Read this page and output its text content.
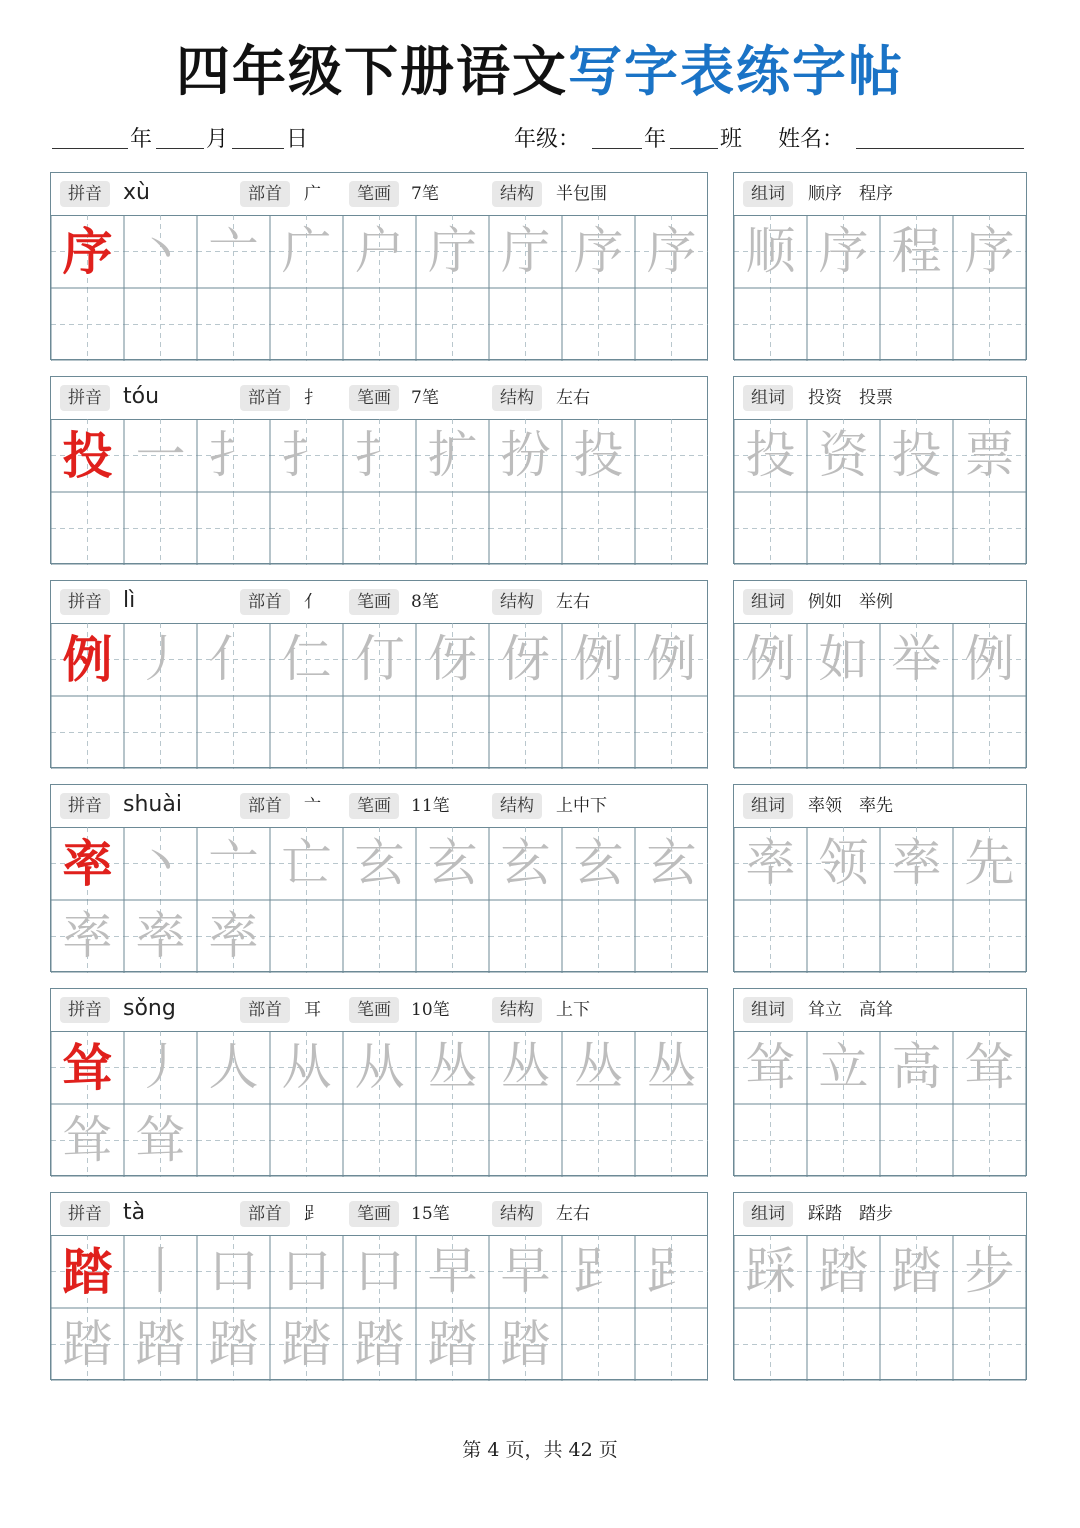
四年级下册语文写字表练字帖
年 月	日	年级：	年 班 姓名：
拼音 xù	部首	广	笔画	7笔	结构	半包围
序 丶 亠 广 户 庁 庁 序 序
组词	顺序　程序
顺 序 程 序
拼音 tóu	部首	扌	笔画	7笔	结构	左右
投 一 扌 扌 扌 扩 扮 投
组词	投资　投票
投 资 投 票
拼音 lì	部首	亻	笔画	8笔	结构	左右
例 丿 亻 仁 仃 伢 伢 例 例
组词	例如　举例
例 如 举 例
拼音 shuài	部首	亠	笔画	11笔	结构	上中下
率 丶 亠 亡 玄 玄 玄 玄 玄
率 率 率
组词	率领　率先
率 领 率 先
拼音 sǒng	部首	耳	笔画	10笔	结构	上下
耸 丿 人 从 从 丛 丛 丛 丛
耸 耸
组词	耸立　高耸
耸 立 高 耸
拼音 tà	部首	𧾷	笔画	15笔	结构	左右
踏 丨 口 口 口 早 早 𧾷 𧾷
踏 踏 踏 踏 踏 踏 踏
组词	踩踏　踏步
踩 踏 踏 步
第 4 页，共 42 页
